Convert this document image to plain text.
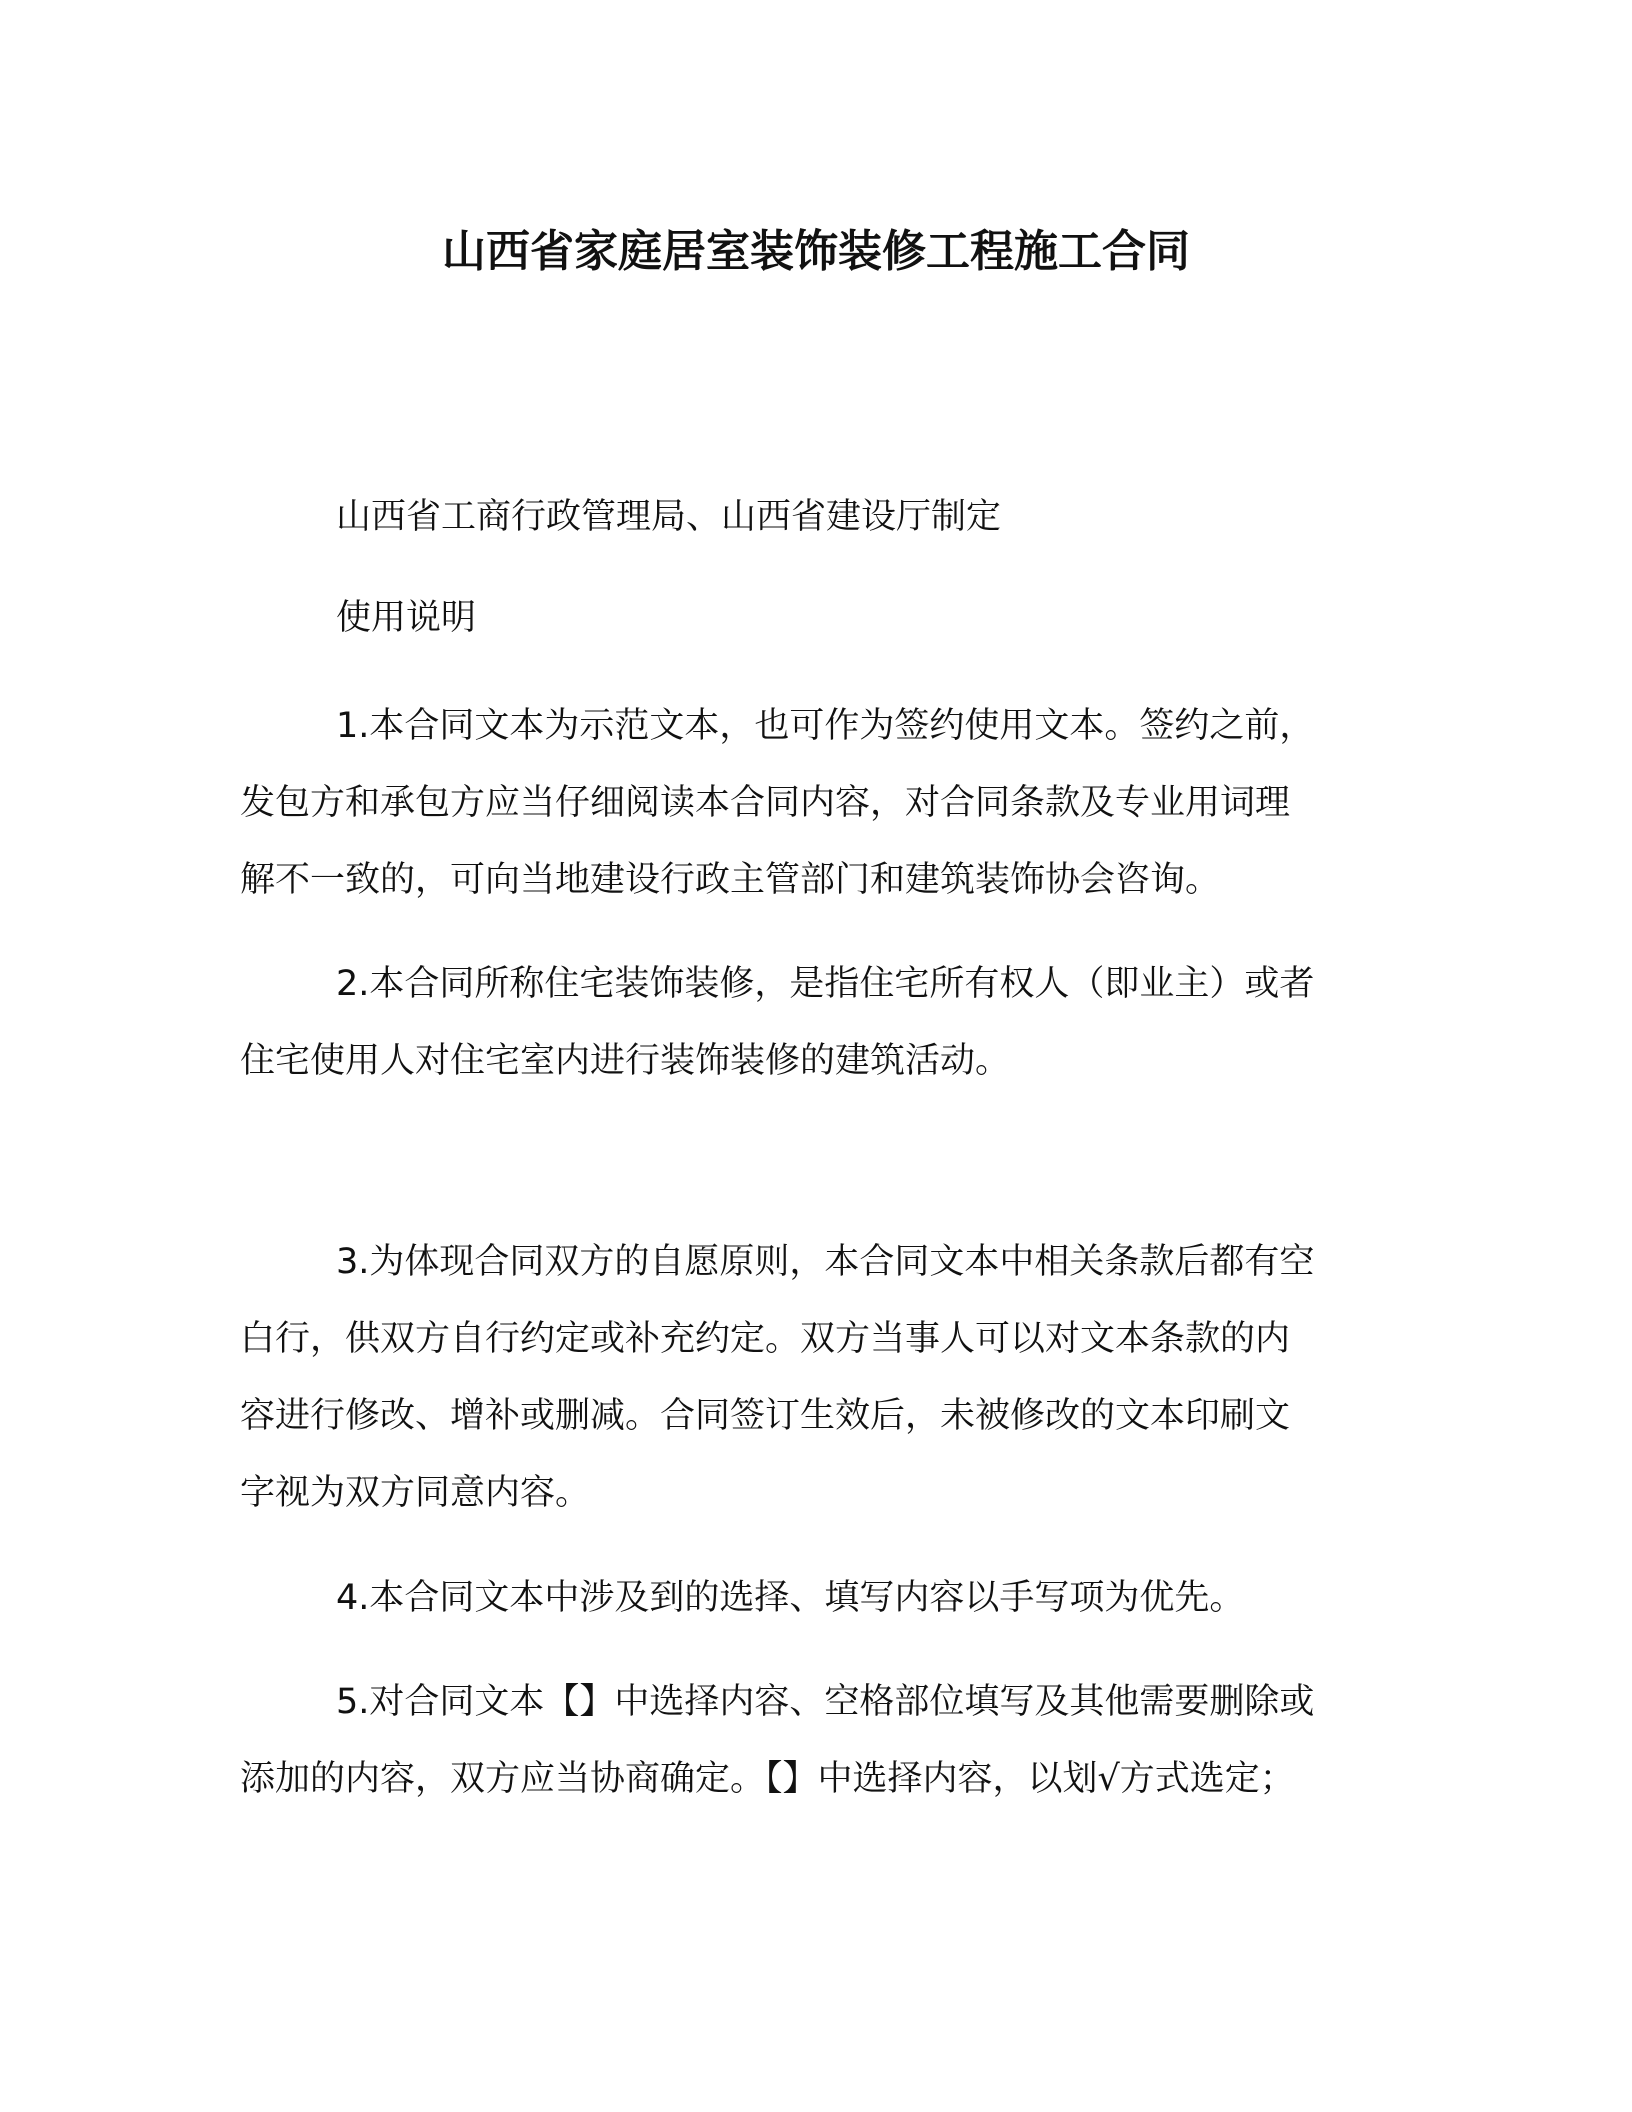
山西省家庭居室装饰装修工程施工合同
山西省工商行政管理局、山西省建设厅制定
使用说明
1.本合同文本为示范文本，也可作为签约使用文本。签约之前，
发包方和承包方应当仔细阅读本合同内容，对合同条款及专业用词理
解不一致的，可向当地建设行政主管部门和建筑装饰协会咨询。
2.本合同所称住宅装饰装修，是指住宅所有权人（即业主）或者
住宅使用人对住宅室内进行装饰装修的建筑活动。
3.为体现合同双方的自愿原则，本合同文本中相关条款后都有空
白行，供双方自行约定或补充约定。双方当事人可以对文本条款的内
容进行修改、增补或删减。合同签订生效后，未被修改的文本印刷文
字视为双方同意内容。
4.本合同文本中涉及到的选择、填写内容以手写项为优先。
5.对合同文本【】中选择内容、空格部位填写及其他需要删除或
添加的内容，双方应当协商确定。【】中选择内容，以划√方式选定；
